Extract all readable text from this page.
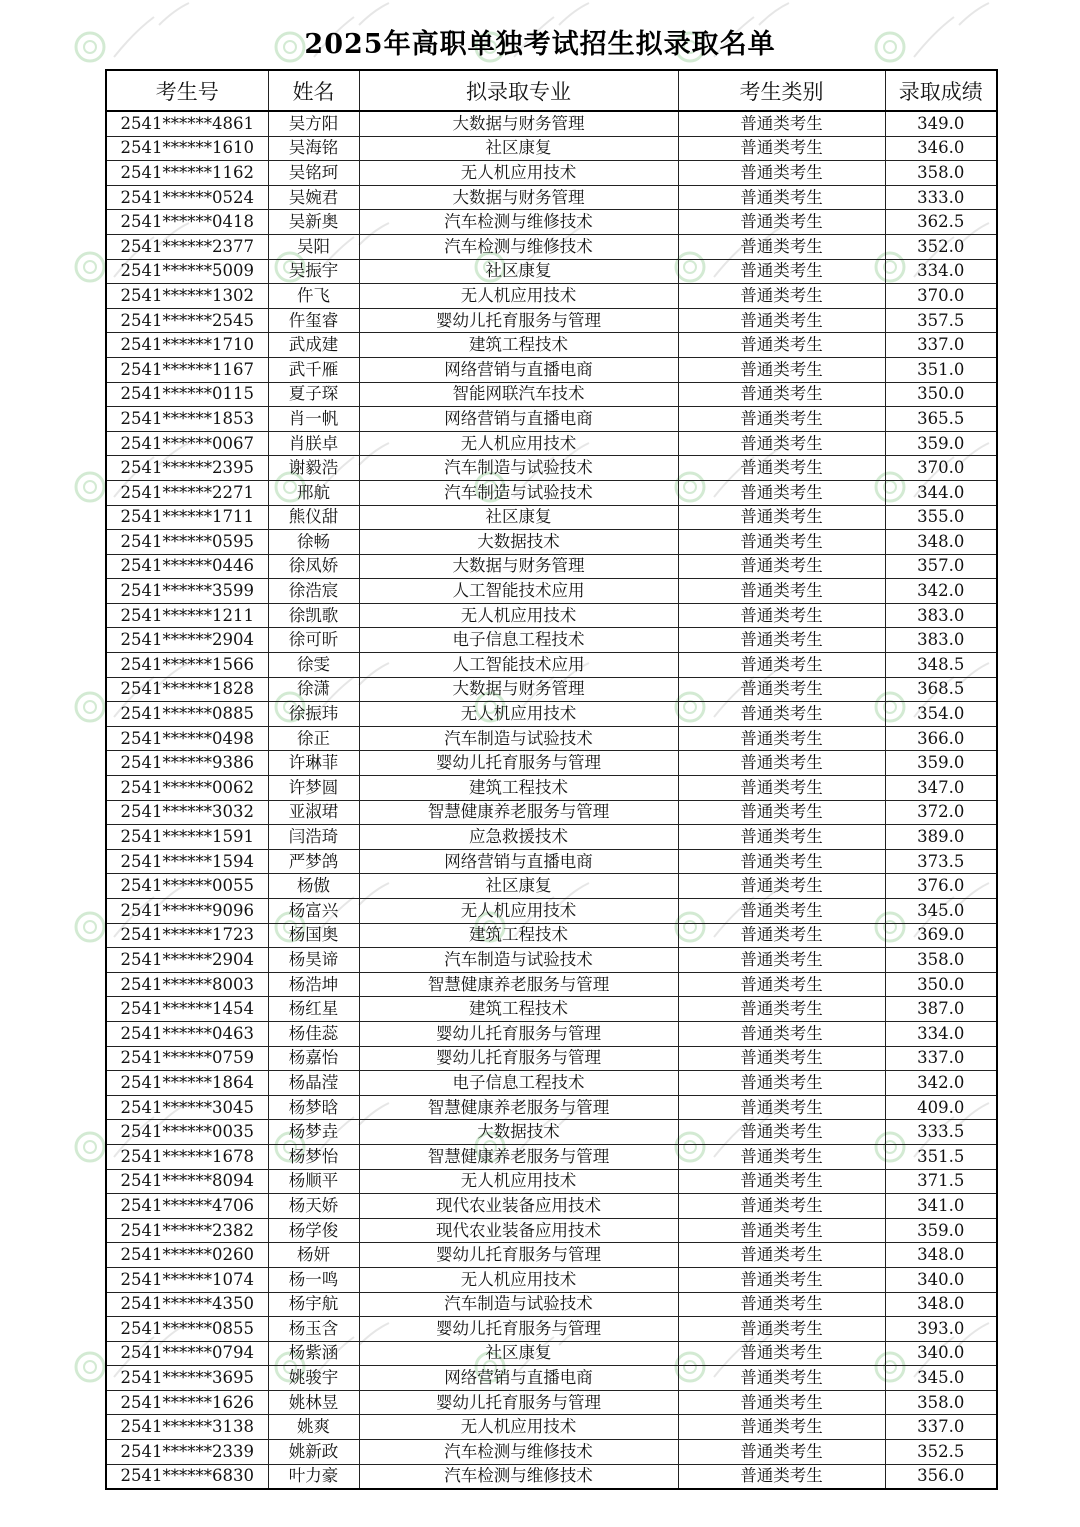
2025年高职单独考试招生拟录取名单
考生号	姓名	拟录取专业	考生类别	录取成绩
2541******4861	吴方阳	大数据与财务管理	普通类考生	349.0
2541******1610	吴海铭	社区康复	普通类考生	346.0
2541******1162	吴铭珂	无人机应用技术	普通类考生	358.0
2541******0524	吴婉君	大数据与财务管理	普通类考生	333.0
2541******0418	吴新奥	汽车检测与维修技术	普通类考生	362.5
2541******2377	吴阳	汽车检测与维修技术	普通类考生	352.0
2541******5009	吴振宇	社区康复	普通类考生	334.0
2541******1302	仵飞	无人机应用技术	普通类考生	370.0
2541******2545	仵玺睿	婴幼儿托育服务与管理	普通类考生	357.5
2541******1710	武成建	建筑工程技术	普通类考生	337.0
2541******1167	武千雁	网络营销与直播电商	普通类考生	351.0
2541******0115	夏子琛	智能网联汽车技术	普通类考生	350.0
2541******1853	肖一帆	网络营销与直播电商	普通类考生	365.5
2541******0067	肖朕卓	无人机应用技术	普通类考生	359.0
2541******2395	谢毅浩	汽车制造与试验技术	普通类考生	370.0
2541******2271	邢航	汽车制造与试验技术	普通类考生	344.0
2541******1711	熊仪甜	社区康复	普通类考生	355.0
2541******0595	徐畅	大数据技术	普通类考生	348.0
2541******0446	徐凤娇	大数据与财务管理	普通类考生	357.0
2541******3599	徐浩宸	人工智能技术应用	普通类考生	342.0
2541******1211	徐凯歌	无人机应用技术	普通类考生	383.0
2541******2904	徐可昕	电子信息工程技术	普通类考生	383.0
2541******1566	徐雯	人工智能技术应用	普通类考生	348.5
2541******1828	徐潇	大数据与财务管理	普通类考生	368.5
2541******0885	徐振玮	无人机应用技术	普通类考生	354.0
2541******0498	徐正	汽车制造与试验技术	普通类考生	366.0
2541******9386	许琳菲	婴幼儿托育服务与管理	普通类考生	359.0
2541******0062	许梦圆	建筑工程技术	普通类考生	347.0
2541******3032	亚淑珺	智慧健康养老服务与管理	普通类考生	372.0
2541******1591	闫浩琦	应急救援技术	普通类考生	389.0
2541******1594	严梦鸽	网络营销与直播电商	普通类考生	373.5
2541******0055	杨傲	社区康复	普通类考生	376.0
2541******9096	杨富兴	无人机应用技术	普通类考生	345.0
2541******1723	杨国奥	建筑工程技术	普通类考生	369.0
2541******2904	杨昊谛	汽车制造与试验技术	普通类考生	358.0
2541******8003	杨浩坤	智慧健康养老服务与管理	普通类考生	350.0
2541******1454	杨红星	建筑工程技术	普通类考生	387.0
2541******0463	杨佳蕊	婴幼儿托育服务与管理	普通类考生	334.0
2541******0759	杨嘉怡	婴幼儿托育服务与管理	普通类考生	337.0
2541******1864	杨晶滢	电子信息工程技术	普通类考生	342.0
2541******3045	杨梦晗	智慧健康养老服务与管理	普通类考生	409.0
2541******0035	杨梦垚	大数据技术	普通类考生	333.5
2541******1678	杨梦怡	智慧健康养老服务与管理	普通类考生	351.5
2541******8094	杨顺平	无人机应用技术	普通类考生	371.5
2541******4706	杨天娇	现代农业装备应用技术	普通类考生	341.0
2541******2382	杨学俊	现代农业装备应用技术	普通类考生	359.0
2541******0260	杨妍	婴幼儿托育服务与管理	普通类考生	348.0
2541******1074	杨一鸣	无人机应用技术	普通类考生	340.0
2541******4350	杨宇航	汽车制造与试验技术	普通类考生	348.0
2541******0855	杨玉含	婴幼儿托育服务与管理	普通类考生	393.0
2541******0794	杨紫涵	社区康复	普通类考生	340.0
2541******3695	姚骏宇	网络营销与直播电商	普通类考生	345.0
2541******1626	姚林昱	婴幼儿托育服务与管理	普通类考生	358.0
2541******3138	姚爽	无人机应用技术	普通类考生	337.0
2541******2339	姚新政	汽车检测与维修技术	普通类考生	352.5
2541******6830	叶力豪	汽车检测与维修技术	普通类考生	356.0
